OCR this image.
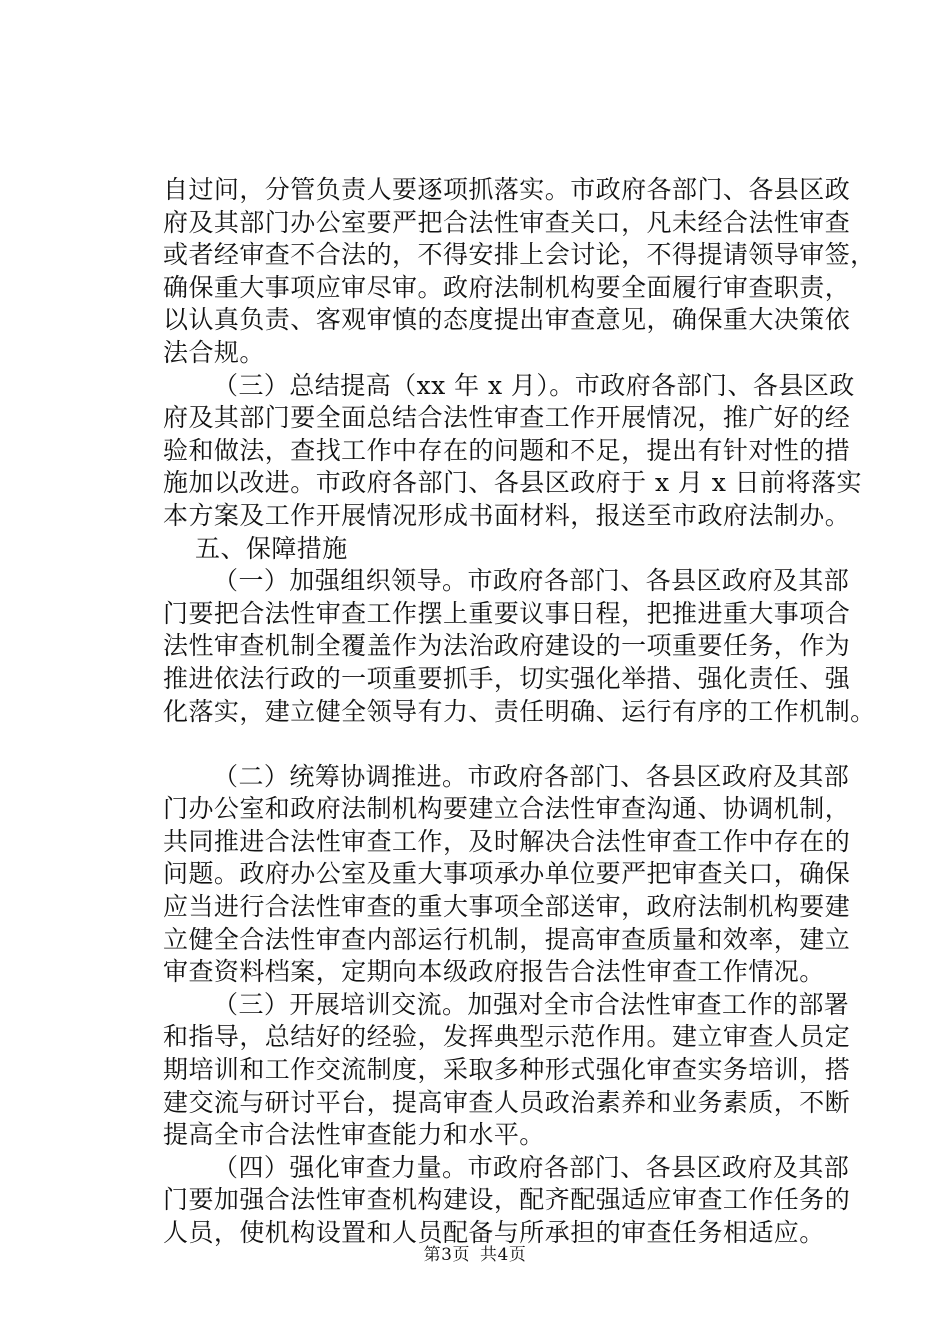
自过问，分管负责人要逐项抓落实。市政府各部门、各县区政
府及其部门办公室要严把合法性审查关口，凡未经合法性审查
或者经审查不合法的，不得安排上会讨论，不得提请领导审签，
确保重大事项应审尽审。政府法制机构要全面履行审查职责，
以认真负责、客观审慎的态度提出审查意见，确保重大决策依
法合规。
（三）总结提高（xx 年 x 月）。市政府各部门、各县区政
府及其部门要全面总结合法性审查工作开展情况，推广好的经
验和做法，查找工作中存在的问题和不足，提出有针对性的措
施加以改进。市政府各部门、各县区政府于 x 月 x 日前将落实
本方案及工作开展情况形成书面材料，报送至市政府法制办。
五、保障措施
（一）加强组织领导。市政府各部门、各县区政府及其部
门要把合法性审查工作摆上重要议事日程，把推进重大事项合
法性审查机制全覆盖作为法治政府建设的一项重要任务，作为
推进依法行政的一项重要抓手，切实强化举措、强化责任、强
化落实，建立健全领导有力、责任明确、运行有序的工作机制。
（二）统筹协调推进。市政府各部门、各县区政府及其部
门办公室和政府法制机构要建立合法性审查沟通、协调机制，
共同推进合法性审查工作，及时解决合法性审查工作中存在的
问题。政府办公室及重大事项承办单位要严把审查关口，确保
应当进行合法性审查的重大事项全部送审，政府法制机构要建
立健全合法性审查内部运行机制，提高审查质量和效率，建立
审查资料档案，定期向本级政府报告合法性审查工作情况。
（三）开展培训交流。加强对全市合法性审查工作的部署
和指导，总结好的经验，发挥典型示范作用。建立审查人员定
期培训和工作交流制度，采取多种形式强化审查实务培训，搭
建交流与研讨平台，提高审查人员政治素养和业务素质，不断
提高全市合法性审查能力和水平。
（四）强化审查力量。市政府各部门、各县区政府及其部
门要加强合法性审查机构建设，配齐配强适应审查工作任务的
人员，使机构设置和人员配备与所承担的审查任务相适应。
第3页 共4页
